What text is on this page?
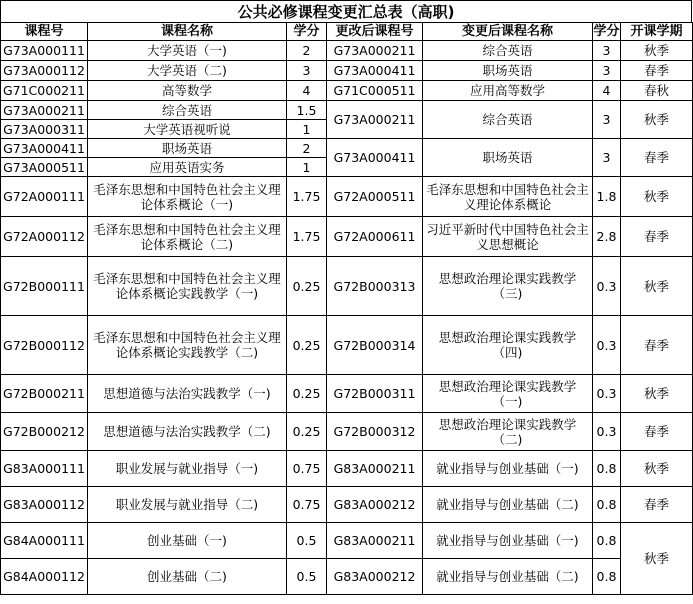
公共必修课程变更汇总表（高职)
课程号	课程名称	学分	更改后课程号	变更后课程名称	学分	开课学期
G73A000111	大学英语（一)	2	G73A000211	综合英语	3	秋季
G73A000112	大学英语（二)	3	G73A000411	职场英语	3	春季
G71C000211	高等数学	4	G71C000511	应用高等数学	4	春秋
G73A000211	综合英语	1.5	G73A000211	综合英语	3	秋季
G73A000311	大学英语视听说	1				
G73A000411	职场英语	2	G73A000411	职场英语	3	春季
G73A000511	应用英语实务	1				
G72A000111	毛泽东思想和中国特色社会主义理论体系概论（一)	1.75	G72A000511	毛泽东思想和中国特色社会主义理论体系概论	1.8	秋季
G72A000112	毛泽东思想和中国特色社会主义理论体系概论（二)	1.75	G72A000611	习近平新时代中国特色社会主义思想概论	2.8	春季
G72B000111	毛泽东思想和中国特色社会主义理论体系概论实践教学（一)	0.25	G72B000313	思想政治理论课实践教学（三)	0.3	秋季
G72B000112	毛泽东思想和中国特色社会主义理论体系概论实践教学（二)	0.25	G72B000314	思想政治理论课实践教学（四)	0.3	春季
G72B000211	思想道德与法治实践教学（一)	0.25	G72B000311	思想政治理论课实践教学（一)	0.3	秋季
G72B000212	思想道德与法治实践教学（二)	0.25	G72B000312	思想政治理论课实践教学（二)	0.3	春季
G83A000111	职业发展与就业指导（一)	0.75	G83A000211	就业指导与创业基础（一)	0.8	秋季
G83A000112	职业发展与就业指导（二)	0.75	G83A000212	就业指导与创业基础（二)	0.8	春季
G84A000111	创业基础（一)	0.5	G83A000211	就业指导与创业基础（一)	0.8	秋季
G84A000112	创业基础（二)	0.5	G83A000212	就业指导与创业基础（二)	0.8	
